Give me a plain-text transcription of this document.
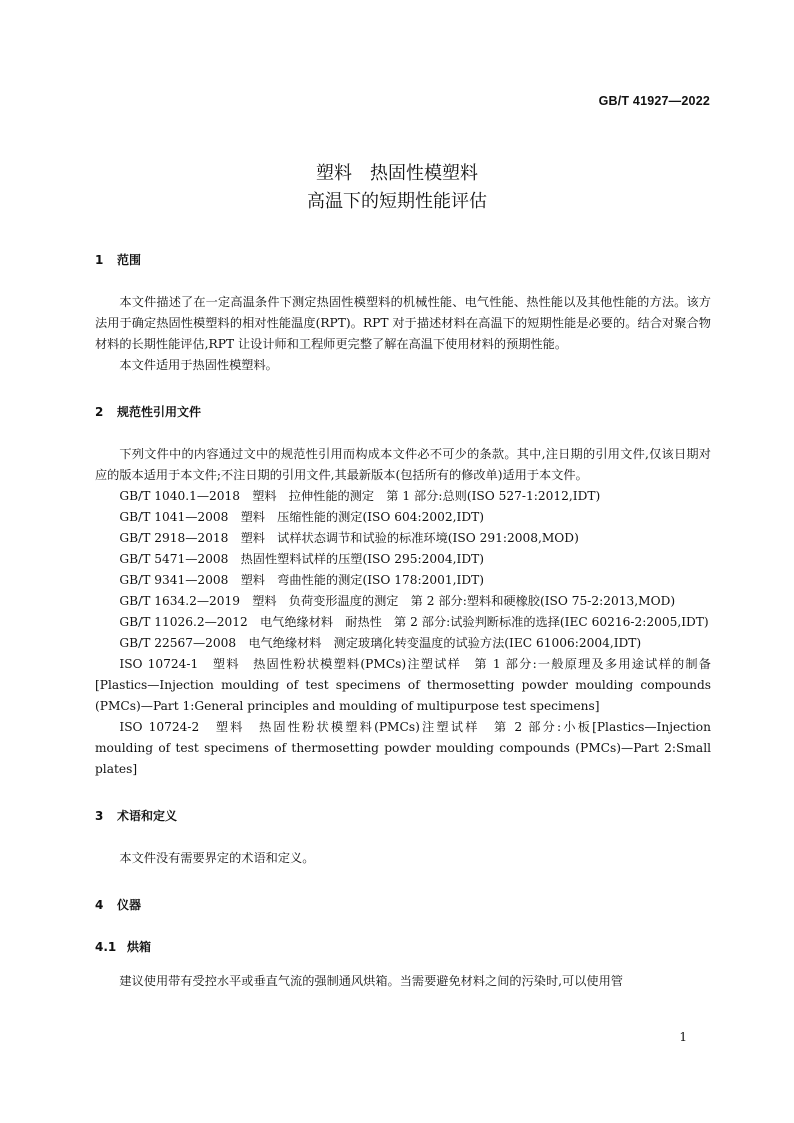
GB/T 41927—2022
塑料　热固性模塑料
高温下的短期性能评估
1 范围
本文件描述了在一定高温条件下测定热固性模塑料的机械性能、电气性能、热性能以及其他性能的方法。该方法用于确定热固性模塑料的相对性能温度(RPT)。RPT 对于描述材料在高温下的短期性能是必要的。结合对聚合物材料的长期性能评估,RPT 让设计师和工程师更完整了解在高温下使用材料的预期性能。
本文件适用于热固性模塑料。
2 规范性引用文件
下列文件中的内容通过文中的规范性引用而构成本文件必不可少的条款。其中,注日期的引用文件,仅该日期对应的版本适用于本文件;不注日期的引用文件,其最新版本(包括所有的修改单)适用于本文件。
GB/T 1040.1—2018　塑料　拉伸性能的测定　第 1 部分:总则(ISO 527-1:2012,IDT)
GB/T 1041—2008　塑料　压缩性能的测定(ISO 604:2002,IDT)
GB/T 2918—2018　塑料　试样状态调节和试验的标准环境(ISO 291:2008,MOD)
GB/T 5471—2008　热固性塑料试样的压塑(ISO 295:2004,IDT)
GB/T 9341—2008　塑料　弯曲性能的测定(ISO 178:2001,IDT)
GB/T 1634.2—2019　塑料　负荷变形温度的测定　第 2 部分:塑料和硬橡胶(ISO 75-2:2013,MOD)
GB/T 11026.2—2012　电气绝缘材料　耐热性　第 2 部分:试验判断标准的选择(IEC 60216-2:2005,IDT)
GB/T 22567—2008　电气绝缘材料　测定玻璃化转变温度的试验方法(IEC 61006:2004,IDT)
ISO 10724-1　塑料　热固性粉状模塑料(PMCs)注塑试样　第 1 部分:一般原理及多用途试样的制备[Plastics—Injection moulding of test specimens of thermosetting powder moulding compounds (PMCs)—Part 1:General principles and moulding of multipurpose test specimens]
ISO 10724-2　塑料　热固性粉状模塑料(PMCs)注塑试样　第 2 部分:小板[Plastics—Injection moulding of test specimens of thermosetting powder moulding compounds (PMCs)—Part 2:Small plates]
3 术语和定义
本文件没有需要界定的术语和定义。
4 仪器
4.1 烘箱
建议使用带有受控水平或垂直气流的强制通风烘箱。当需要避免材料之间的污染时,可以使用管
1
